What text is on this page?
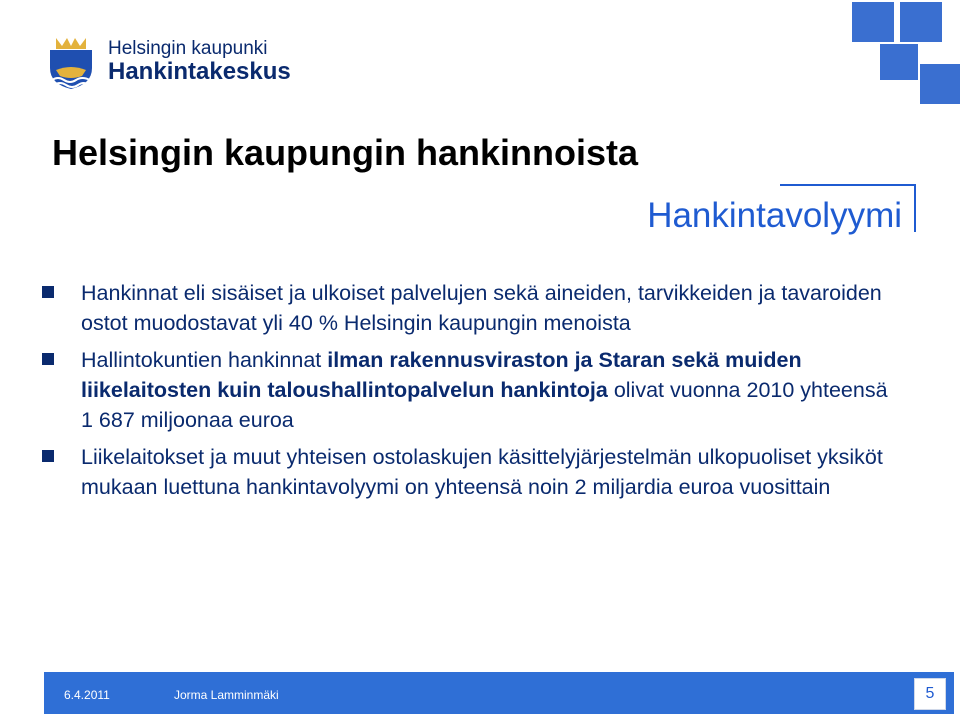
Helsingin kaupunki
Hankintakeskus
Helsingin kaupungin hankinnoista
Hankintavolyymi
Hankinnat eli sisäiset ja ulkoiset palvelujen sekä aineiden, tarvikkeiden ja tavaroiden ostot muodostavat yli 40 % Helsingin kaupungin menoista
Hallintokuntien hankinnat ilman rakennusviraston ja Staran sekä muiden liikelaitosten kuin taloushallintopalvelun hankintoja olivat vuonna 2010 yhteensä 1 687 miljoonaa euroa
Liikelaitokset ja muut yhteisen ostolaskujen käsittelyjärjestelmän ulkopuoliset yksiköt mukaan luettuna hankintavolyymi on yhteensä noin 2 miljardia euroa vuosittain
6.4.2011	Jorma Lamminmäki	5
